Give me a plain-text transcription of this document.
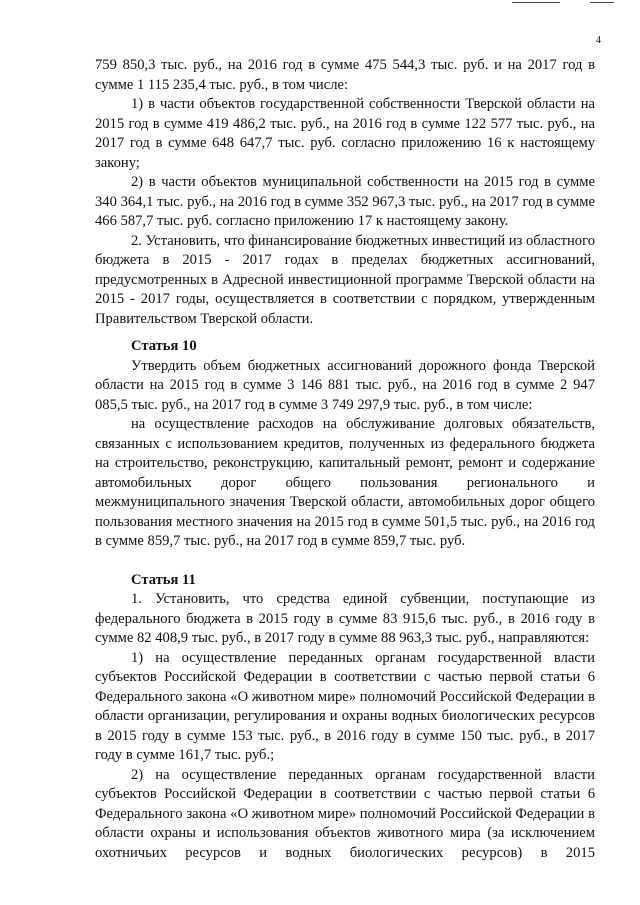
4

759 850,3 тыс. руб., на 2016 год в сумме 475 544,3 тыс. руб. и на 2017 год в сумме 1 115 235,4 тыс. руб., в том числе:

1) в части объектов государственной собственности Тверской области на 2015 год в сумме 419 486,2 тыс. руб., на 2016 год в сумме 122 577 тыс. руб., на 2017 год в сумме 648 647,7 тыс. руб. согласно приложению 16 к настоящему закону;

2) в части объектов муниципальной собственности на 2015 год в сумме 340 364,1 тыс. руб., на 2016 год в сумме 352 967,3 тыс. руб., на 2017 год в сумме 466 587,7 тыс. руб. согласно приложению 17 к настоящему закону.

2. Установить, что финансирование бюджетных инвестиций из областного бюджета в 2015 - 2017 годах в пределах бюджетных ассигнований, предусмотренных в Адресной инвестиционной программе Тверской области на 2015 - 2017 годы, осуществляется в соответствии с порядком, утвержденным Правительством Тверской области.

Статья 10

Утвердить объем бюджетных ассигнований дорожного фонда Тверской области на 2015 год в сумме 3 146 881 тыс. руб., на 2016 год в сумме 2 947 085,5 тыс. руб., на 2017 год в сумме 3 749 297,9 тыс. руб., в том числе:

на осуществление расходов на обслуживание долговых обязательств, связанных с использованием кредитов, полученных из федерального бюджета на строительство, реконструкцию, капитальный ремонт, ремонт и содержание автомобильных дорог общего пользования регионального и межмуниципального значения Тверской области, автомобильных дорог общего пользования местного значения на 2015 год в сумме 501,5 тыс. руб., на 2016 год в сумме 859,7 тыс. руб., на 2017 год в сумме 859,7 тыс. руб.

Статья 11

1. Установить, что средства единой субвенции, поступающие из федерального бюджета в 2015 году в сумме 83 915,6 тыс. руб., в 2016 году в сумме 82 408,9 тыс. руб., в 2017 году в сумме 88 963,3 тыс. руб., направляются:

1) на осуществление переданных органам государственной власти субъектов Российской Федерации в соответствии с частью первой статьи 6 Федерального закона «О животном мире» полномочий Российской Федерации в области организации, регулирования и охраны водных биологических ресурсов в 2015 году в сумме 153 тыс. руб., в 2016 году в сумме 150 тыс. руб., в 2017 году в сумме 161,7 тыс. руб.;

2) на осуществление переданных органам государственной власти субъектов Российской Федерации в соответствии с частью первой статьи 6 Федерального закона «О животном мире» полномочий Российской Федерации в области охраны и использования объектов животного мира (за исключением охотничьих ресурсов и водных биологических ресурсов) в 2015
